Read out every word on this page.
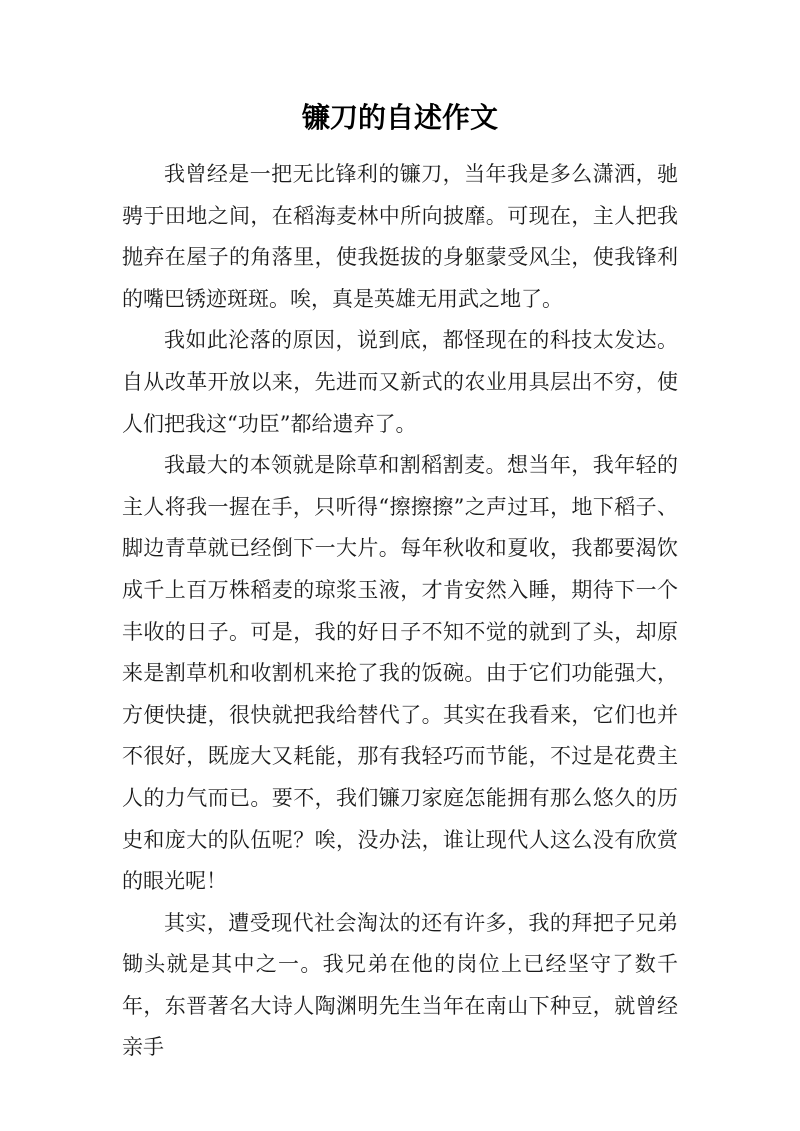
镰刀的自述作文

我曾经是一把无比锋利的镰刀，当年我是多么潇洒，驰骋于田地之间，在稻海麦林中所向披靡。可现在，主人把我抛弃在屋子的角落里，使我挺拔的身躯蒙受风尘，使我锋利的嘴巴锈迹斑斑。唉，真是英雄无用武之地了。

我如此沦落的原因，说到底，都怪现在的科技太发达。自从改革开放以来，先进而又新式的农业用具层出不穷，使人们把我这“功臣”都给遗弃了。

我最大的本领就是除草和割稻割麦。想当年，我年轻的主人将我一握在手，只听得“擦擦擦”之声过耳，地下稻子、脚边青草就已经倒下一大片。每年秋收和夏收，我都要渴饮成千上百万株稻麦的琼浆玉液，才肯安然入睡，期待下一个丰收的日子。可是，我的好日子不知不觉的就到了头，却原来是割草机和收割机来抢了我的饭碗。由于它们功能强大，方便快捷，很快就把我给替代了。其实在我看来，它们也并不很好，既庞大又耗能，那有我轻巧而节能，不过是花费主人的力气而已。要不，我们镰刀家庭怎能拥有那么悠久的历史和庞大的队伍呢？唉，没办法，谁让现代人这么没有欣赏的眼光呢！

其实，遭受现代社会淘汰的还有许多，我的拜把子兄弟锄头就是其中之一。我兄弟在他的岗位上已经坚守了数千年，东晋著名大诗人陶渊明先生当年在南山下种豆，就曾经亲手
